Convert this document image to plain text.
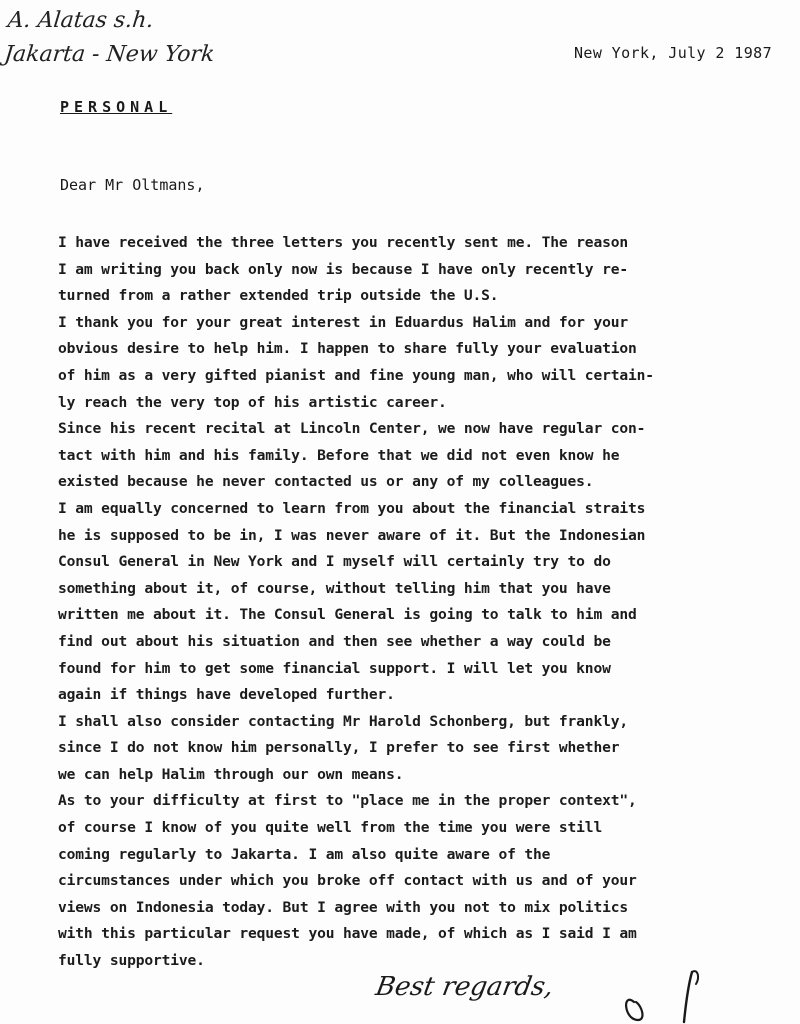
A. Alatas s.h.
Jakarta - New York	New York, July 2 1987
PERSONAL
Dear Mr Oltmans,
I have received the three letters you recently sent me. The reason
I am writing you back only now is because I have only recently re-
turned from a rather extended trip outside the U.S.
I thank you for your great interest in Eduardus Halim and for your
obvious desire to help him. I happen to share fully your evaluation
of him as a very gifted pianist and fine young man, who will certain-
ly reach the very top of his artistic career.
Since his recent recital at Lincoln Center, we now have regular con-
tact with him and his family. Before that we did not even know he
existed because he never contacted us or any of my colleagues.
I am equally concerned to learn from you about the financial straits
he is supposed to be in, I was never aware of it. But the Indonesian
Consul General in New York and I myself will certainly try to do
something about it, of course, without telling him that you have
written me about it. The Consul General is going to talk to him and
find out about his situation and then see whether a way could be
found for him to get some financial support. I will let you know
again if things have developed further.
I shall also consider contacting Mr Harold Schonberg, but frankly,
since I do not know him personally, I prefer to see first whether
we can help Halim through our own means.
As to your difficulty at first to "place me in the proper context",
of course I know of you quite well from the time you were still
coming regularly to Jakarta. I am also quite aware of the
circumstances under which you broke off contact with us and of your
views on Indonesia today. But I agree with you not to mix politics
with this particular request you have made, of which as I said I am
fully supportive.
Best regards,
